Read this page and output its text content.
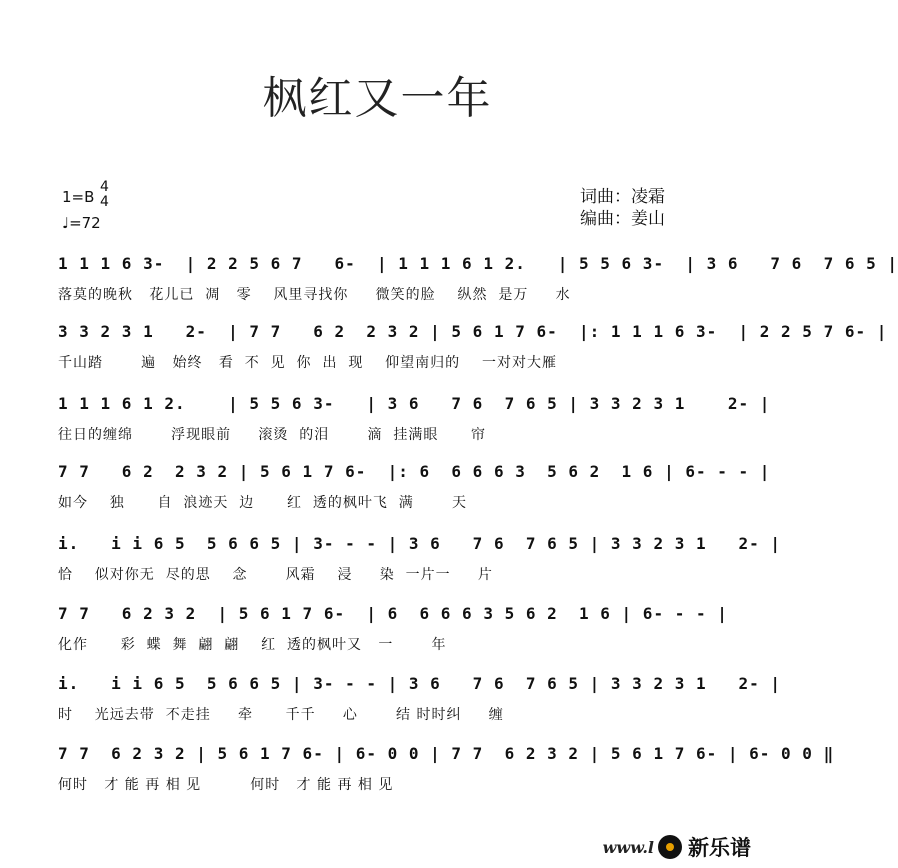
枫红又一年
1=B
4
4
♩=72
词曲：凌霜
编曲：姜山
1 1 1 6 3-  | 2 2 5 6 7   6-  | 1 1 1 6 1 2.   | 5 5 6 3-  | 3 6   7 6  7 6 5 |
落莫的晚秋   花儿已  凋   零    风里寻找你     微笑的脸    纵然  是万     水
3 3 2 3 1   2-  | 7 7   6 2  2 3 2 | 5 6 1 7 6-  |: 1 1 1 6 3-  | 2 2 5 7 6- |
千山踏       遍   始终   看  不  见  你  出  现    仰望南归的    一对对大雁
1 1 1 6 1 2.    | 5 5 6 3-   | 3 6   7 6  7 6 5 | 3 3 2 3 1    2- |
往日的缠绵       浮现眼前     滚烫  的泪       滴  挂满眼      帘
7 7   6 2  2 3 2 | 5 6 1 7 6-  |: 6  6 6 6 3  5 6 2  1 6 | 6- - - |
如今    独      自  浪迹天  边      红  透的枫叶飞  满       天
i.   i i 6 5  5 6 6 5 | 3- - - | 3 6   7 6  7 6 5 | 3 3 2 3 1   2- |
恰    似对你无  尽的思    念       风霜    浸     染  一片一     片
7 7   6 2 3 2  | 5 6 1 7 6-  | 6  6 6 6 3 5 6 2  1 6 | 6- - - |
化作      彩  蝶  舞  翩  翩    红  透的枫叶又   一       年
i.   i i 6 5  5 6 6 5 | 3- - - | 3 6   7 6  7 6 5 | 3 3 2 3 1   2- |
时    光远去带  不走挂     牵      千千     心       结 时时纠     缠
7 7  6 2 3 2 | 5 6 1 7 6- | 6- 0 0 | 7 7  6 2 3 2 | 5 6 1 7 6- | 6- 0 0 ‖
何时   才 能 再 相 见         何时   才 能 再 相 见
www.l 新乐谱
